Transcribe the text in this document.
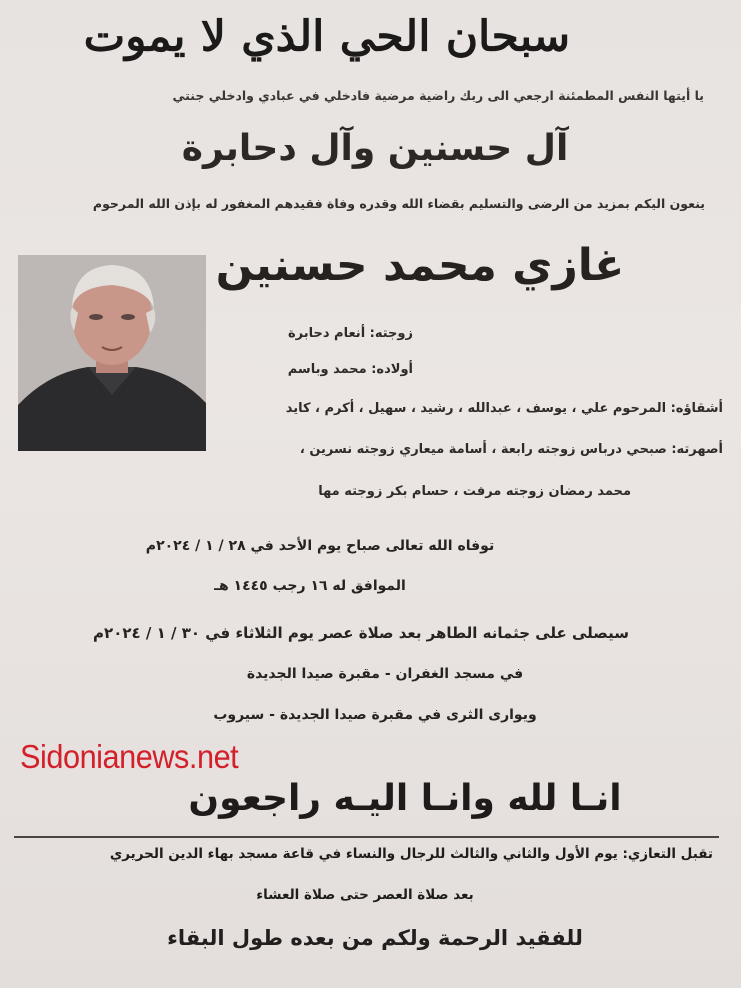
سبحان الحي الذي لا يموت
يا أيتها النفس المطمئنة ارجعي الى ربك راضية مرضية فادخلي في عبادي وادخلي جنتي
آل حسنين وآل دحابرة
ينعون اليكم بمزيد من الرضى والتسليم بقضاء الله وقدره وفاة فقيدهم المغفور له بإذن الله المرحوم
غازي محمد حسنين
زوجته: أنعام دحابرة
أولاده: محمد وباسم
أشقاؤه: المرحوم علي ، يوسف ، عبدالله ، رشيد ، سهيل ، أكرم ، كايد
أصهرته: صبحي درباس زوجته رابعة ، أسامة ميعاري زوجته نسرين ،
محمد رمضان زوجته مرفت ، حسام بكر زوجته مها
توفاه الله تعالى صباح يوم الأحد في ٢٨ / ١ / ٢٠٢٤م
الموافق له ١٦ رجب ١٤٤٥ هـ
سيصلى على جثمانه الطاهر بعد صلاة عصر يوم الثلاثاء في ٣٠ / ١ / ٢٠٢٤م
في مسجد الغفران - مقبرة صيدا الجديدة
ويوارى الثرى في مقبرة صيدا الجديدة - سيروب
Sidonianews.net
انـا لله وانـا اليـه راجعون
تقبل التعازي: يوم الأول والثاني والثالث للرجال والنساء في قاعة مسجد بهاء الدين الحريري
بعد صلاة العصر حتى صلاة العشاء
للفقيد الرحمة ولكم من بعده طول البقاء
